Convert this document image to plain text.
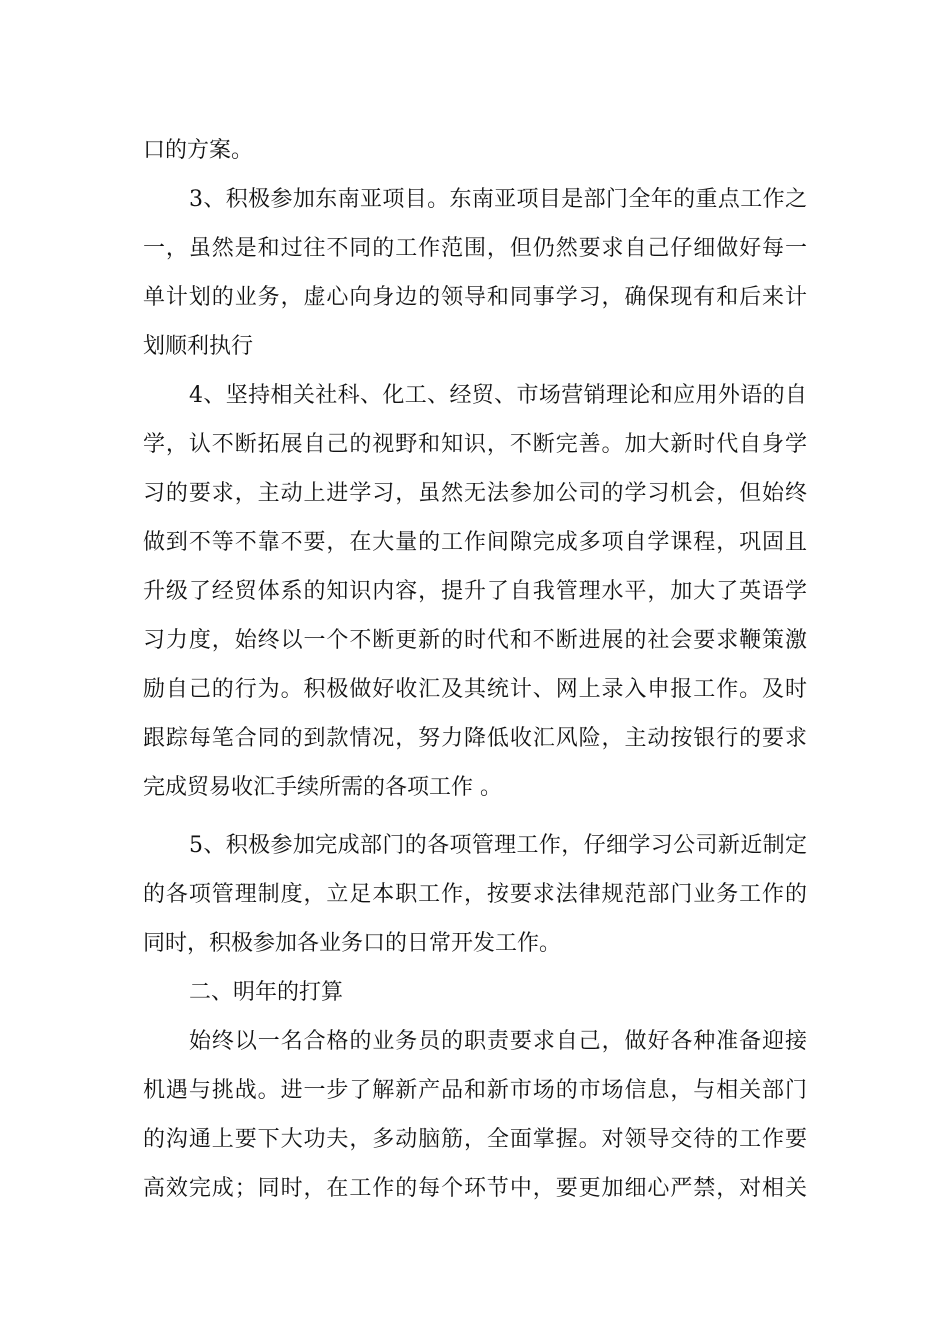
口的方案。
3、积极参加东南亚项目。东南亚项目是部门全年的重点工作之
一，虽然是和过往不同的工作范围，但仍然要求自己仔细做好每一
单计划的业务，虚心向身边的领导和同事学习，确保现有和后来计
划顺利执行
4、坚持相关社科、化工、经贸、市场营销理论和应用外语的自
学，认不断拓展自己的视野和知识，不断完善。加大新时代自身学
习的要求，主动上进学习，虽然无法参加公司的学习机会，但始终
做到不等不靠不要，在大量的工作间隙完成多项自学课程，巩固且
升级了经贸体系的知识内容，提升了自我管理水平，加大了英语学
习力度，始终以一个不断更新的时代和不断进展的社会要求鞭策激
励自己的行为。积极做好收汇及其统计、网上录入申报工作。及时
跟踪每笔合同的到款情况，努力降低收汇风险，主动按银行的要求
完成贸易收汇手续所需的各项工作 。
5、积极参加完成部门的各项管理工作，仔细学习公司新近制定
的各项管理制度，立足本职工作，按要求法律规范部门业务工作的
同时，积极参加各业务口的日常开发工作。
二、明年的打算
始终以一名合格的业务员的职责要求自己，做好各种准备迎接
机遇与挑战。进一步了解新产品和新市场的市场信息，与相关部门
的沟通上要下大功夫，多动脑筋，全面掌握。对领导交待的工作要
高效完成；同时，在工作的每个环节中，要更加细心严禁，对相关
